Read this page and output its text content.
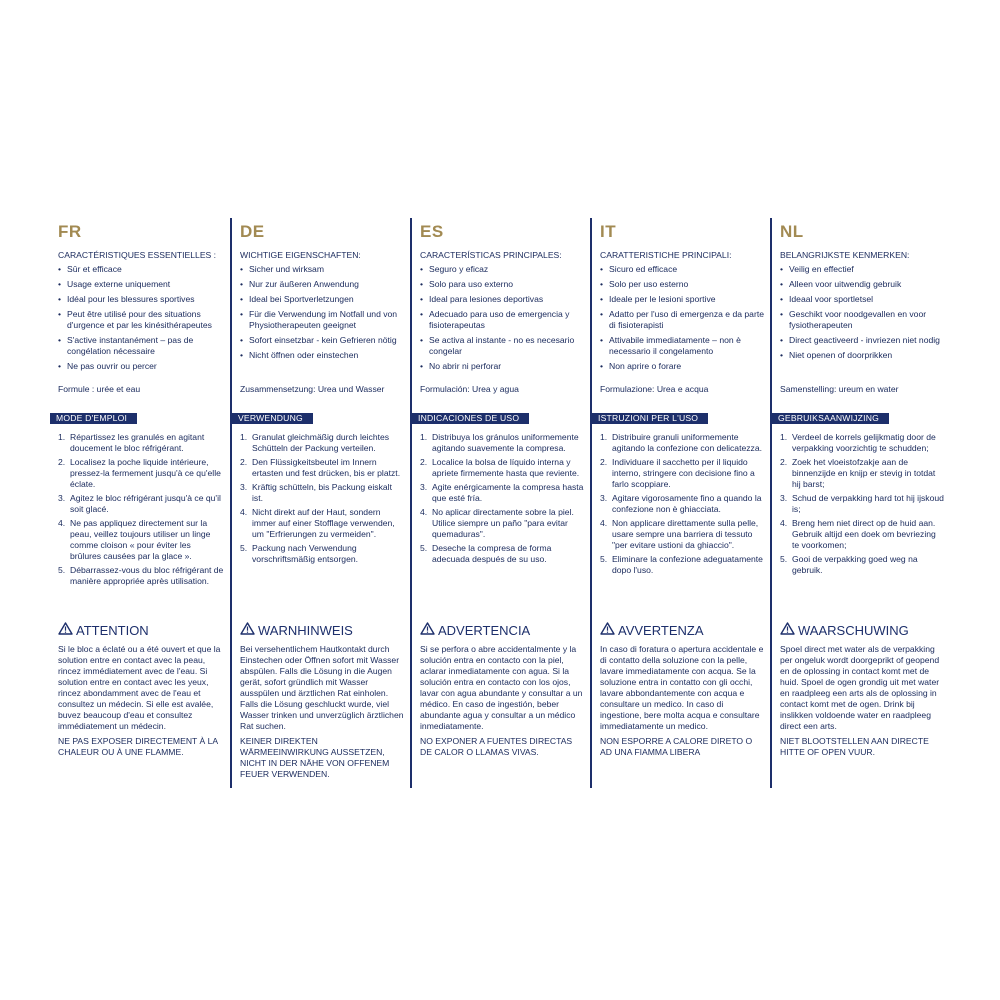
FR
CARACTÉRISTIQUES ESSENTIELLES :
• Sûr et efficace
• Usage externe uniquement
• Idéal pour les blessures sportives
• Peut être utilisé pour des situations d'urgence et par les kinésithérapeutes
• S'active instantanément – pas de congélation nécessaire
• Ne pas ouvrir ou percer
Formule : urée et eau
MODE D'EMPLOI
1. Répartissez les granulés en agitant doucement le bloc réfrigérant.
2. Localisez la poche liquide intérieure, pressez-la fermement jusqu'à ce qu'elle éclate.
3. Agitez le bloc réfrigérant jusqu'à ce qu'il soit glacé.
4. Ne pas appliquez directement sur la peau, veillez toujours utiliser un linge comme cloison « pour éviter les brûlures causées par la glace ».
5. Débarrassez-vous du bloc réfrigérant de manière appropriée après utilisation.
ATTENTION
Si le bloc a éclaté ou a été ouvert et que la solution entre en contact avec la peau, rincez immédiatement avec de l'eau. Si solution entre en contact avec les yeux, rincez abondamment avec de l'eau et consultez un médecin. Si elle est avalée, buvez beaucoup d'eau et consultez immédiatement un médecin.
NE PAS EXPOSER DIRECTEMENT À LA CHALEUR OU À UNE FLAMME.
DE
WICHTIGE EIGENSCHAFTEN:
• Sicher und wirksam
• Nur zur äußeren Anwendung
• Ideal bei Sportverletzungen
• Für die Verwendung im Notfall und von Physiotherapeuten geeignet
• Sofort einsetzbar - kein Gefrieren nötig
• Nicht öffnen oder einstechen
Zusammensetzung: Urea und Wasser
VERWENDUNG
1. Granulat gleichmäßig durch leichtes Schütteln der Packung verteilen.
2. Den Flüssigkeitsbeutel im Innern ertasten und fest drücken, bis er platzt.
3. Kräftig schütteln, bis Packung eiskalt ist.
4. Nicht direkt auf der Haut, sondern immer auf einer Stofflage verwenden, um "Erfrierungen zu vermeiden".
5. Packung nach Verwendung vorschriftsmäßig entsorgen.
WARNHINWEIS
Bei versehentlichem Hautkontakt durch Einstechen oder Öffnen sofort mit Wasser abspülen. Falls die Lösung in die Augen gerät, sofort gründlich mit Wasser ausspülen und ärztlichen Rat einholen. Falls die Lösung geschluckt wurde, viel Wasser trinken und unverzüglich ärztlichen Rat suchen.
KEINER DIREKTEN WÄRMEEINWIRKUNG AUSSETZEN, NICHT IN DER NÄHE VON OFFENEM FEUER VERWENDEN.
ES
CARACTERÍSTICAS PRINCIPALES:
• Seguro y eficaz
• Solo para uso externo
• Ideal para lesiones deportivas
• Adecuado para uso de emergencia y fisioterapeutas
• Se activa al instante - no es necesario congelar
• No abrir ni perforar
Formulación: Urea y agua
INDICACIONES DE USO
1. Distribuya los gránulos uniformemente agitando suavemente la compresa.
2. Localice la bolsa de líquido interna y apriete firmemente hasta que reviente.
3. Agite enérgicamente la compresa hasta que esté fría.
4. No aplicar directamente sobre la piel. Utilice siempre un paño "para evitar quemaduras".
5. Deseche la compresa de forma adecuada después de su uso.
ADVERTENCIA
Si se perfora o abre accidentalmente y la solución entra en contacto con la piel, aclarar inmediatamente con agua. Si la solución entra en contacto con los ojos, lavar con agua abundante y consultar a un médico. En caso de ingestión, beber abundante agua y consultar a un médico inmediatamente.
NO EXPONER A FUENTES DIRECTAS DE CALOR O LLAMAS VIVAS.
IT
CARATTERISTICHE PRINCIPALI:
• Sicuro ed efficace
• Solo per uso esterno
• Ideale per le lesioni sportive
• Adatto per l'uso di emergenza e da parte di fisioterapisti
• Attivabile immediatamente – non è necessario il congelamento
• Non aprire o forare
Formulazione: Urea e acqua
ISTRUZIONI PER L'USO
1. Distribuire granuli uniformemente agitando la confezione con delicatezza.
2. Individuare il sacchetto per il liquido interno, stringere con decisione fino a farlo scoppiare.
3. Agitare vigorosamente fino a quando la confezione non è ghiacciata.
4. Non applicare direttamente sulla pelle, usare sempre una barriera di tessuto "per evitare ustioni da ghiaccio".
5. Eliminare la confezione adeguatamente dopo l'uso.
AVVERTENZA
In caso di foratura o apertura accidentale e di contatto della soluzione con la pelle, lavare immediatamente con acqua. Se la soluzione entra in contatto con gli occhi, lavare abbondantemente con acqua e consultare un medico. In caso di ingestione, bere molta acqua e consultare immediatamente un medico.
NON ESPORRE A CALORE DIRETO O AD UNA FIAMMA LIBERA
NL
BELANGRIJKSTE KENMERKEN:
• Veilig en effectief
• Alleen voor uitwendig gebruik
• Ideaal voor sportletsel
• Geschikt voor noodgevallen en voor fysiotherapeuten
• Direct geactiveerd - invriezen niet nodig
• Niet openen of doorprikken
Samenstelling: ureum en water
GEBRUIKSAANWIJZING
1. Verdeel de korrels gelijkmatig door de verpakking voorzichtig te schudden;
2. Zoek het vloeistofzakje aan de binnenzijde en knijp er stevig in totdat hij barst;
3. Schud de verpakking hard tot hij ijskoud is;
4. Breng hem niet direct op de huid aan. Gebruik altijd een doek om bevriezing te voorkomen;
5. Gooi de verpakking goed weg na gebruik.
WAARSCHUWING
Spoel direct met water als de verpakking per ongeluk wordt doorgeprikt of geopend en de oplossing in contact komt met de huid. Spoel de ogen grondig uit met water en raadpleeg een arts als de oplossing in contact komt met de ogen. Drink bij inslikken voldoende water en raadpleeg direct een arts.
NIET BLOOTSTELLEN AAN DIRECTE HITTE OF OPEN VUUR.
